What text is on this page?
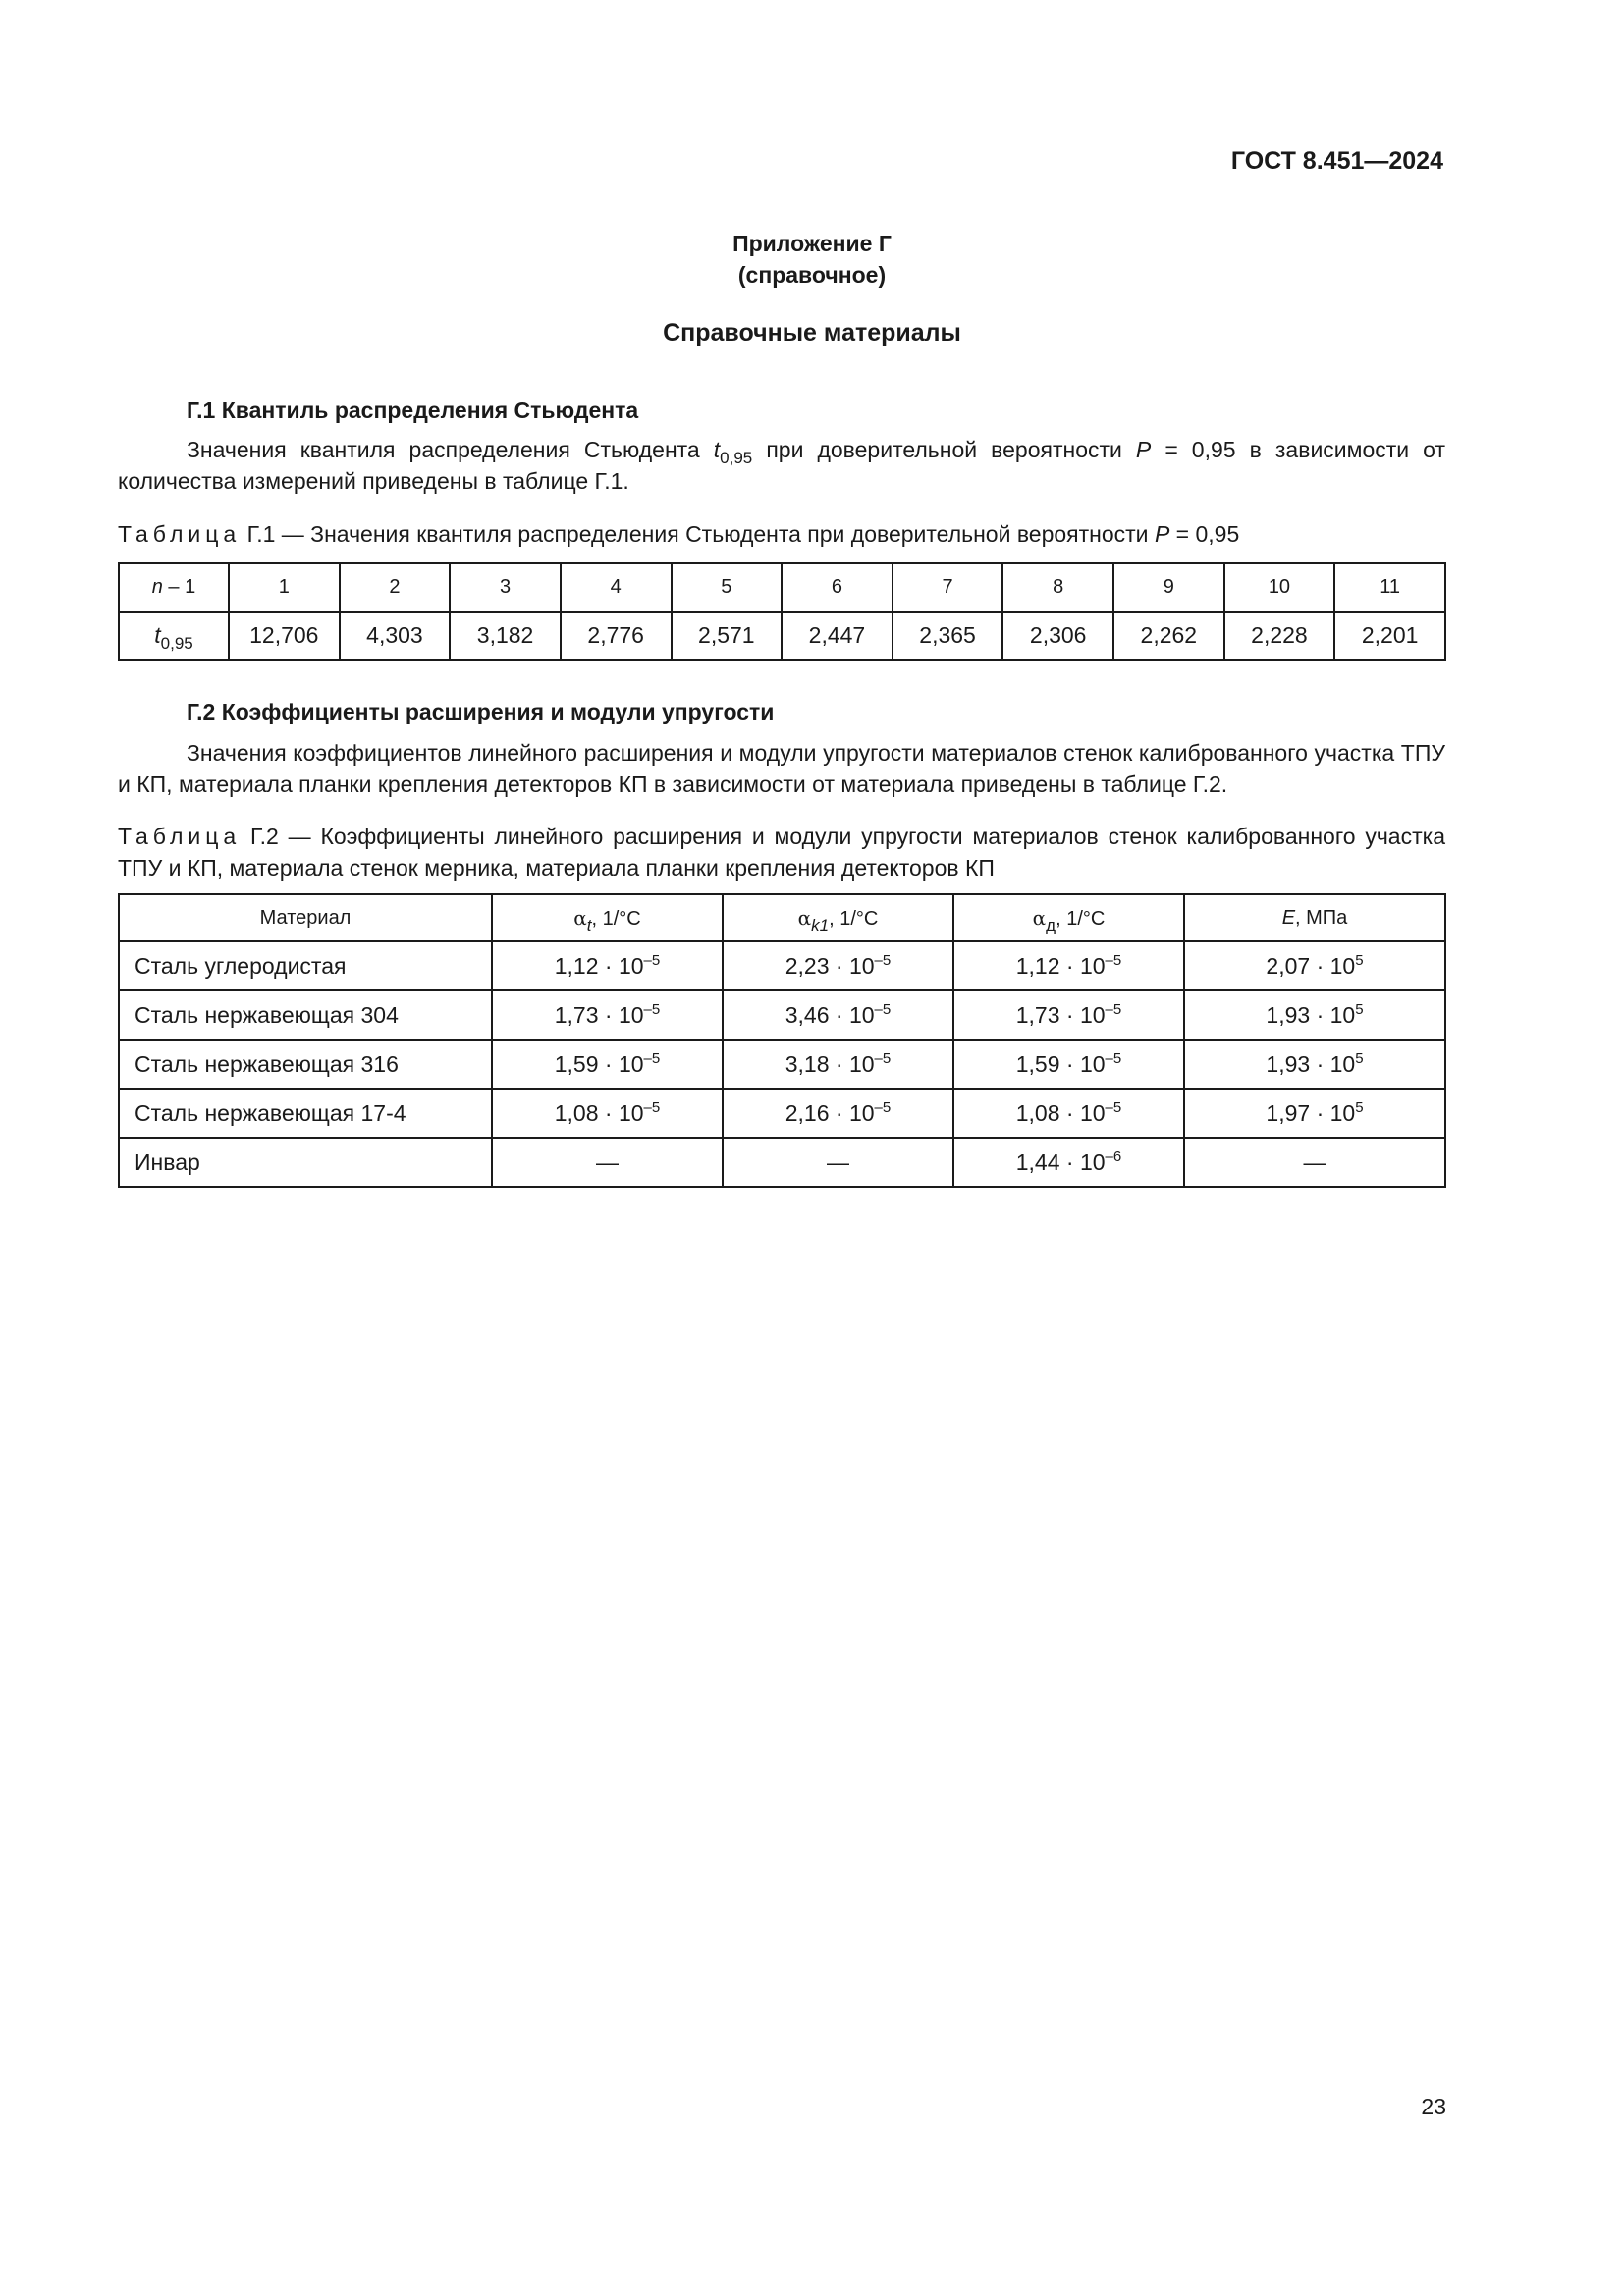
ГОСТ 8.451—2024
Приложение Г
(справочное)
Справочные материалы
Г.1 Квантиль распределения Стьюдента

Значения квантиля распределения Стьюдента $t_{0,95}$ при доверительной вероятности P = 0,95 в зависимости от количества измерений приведены в таблице Г.1.

Таблица Г.1 — Значения квантиля распределения Стьюдента при доверительной вероятности P = 0,95
n – 1	1	2	3	4	5	6	7	8	9	10	11
$t_{0,95}$	12,706	4,303	3,182	2,776	2,571	2,447	2,365	2,306	2,262	2,228	2,201
Г.2 Коэффициенты расширения и модули упругости

Значения коэффициентов линейного расширения и модули упругости материалов стенок калиброванного участка ТПУ и КП, материала планки крепления детекторов КП в зависимости от материала приведены в таблице Г.2.

Таблица Г.2 — Коэффициенты линейного расширения и модули упругости материалов стенок калиброванного участка ТПУ и КП, материала стенок мерника, материала планки крепления детекторов КП
Материал	$\alpha_t$, 1/°C	$\alpha_{k1}$, 1/°C	$\alpha_д$, 1/°C	E, МПа
Сталь углеродистая	$1,12 \cdot 10^{-5}$	$2,23 \cdot 10^{-5}$	$1,12 \cdot 10^{-5}$	$2,07 \cdot 10^5$
Сталь нержавеющая 304	$1,73 \cdot 10^{-5}$	$3,46 \cdot 10^{-5}$	$1,73 \cdot 10^{-5}$	$1,93 \cdot 10^5$
Сталь нержавеющая 316	$1,59 \cdot 10^{-5}$	$3,18 \cdot 10^{-5}$	$1,59 \cdot 10^{-5}$	$1,93 \cdot 10^5$
Сталь нержавеющая 17-4	$1,08 \cdot 10^{-5}$	$2,16 \cdot 10^{-5}$	$1,08 \cdot 10^{-5}$	$1,97 \cdot 10^5$
Инвар	—	—	$1,44 \cdot 10^{-6}$	—
23
